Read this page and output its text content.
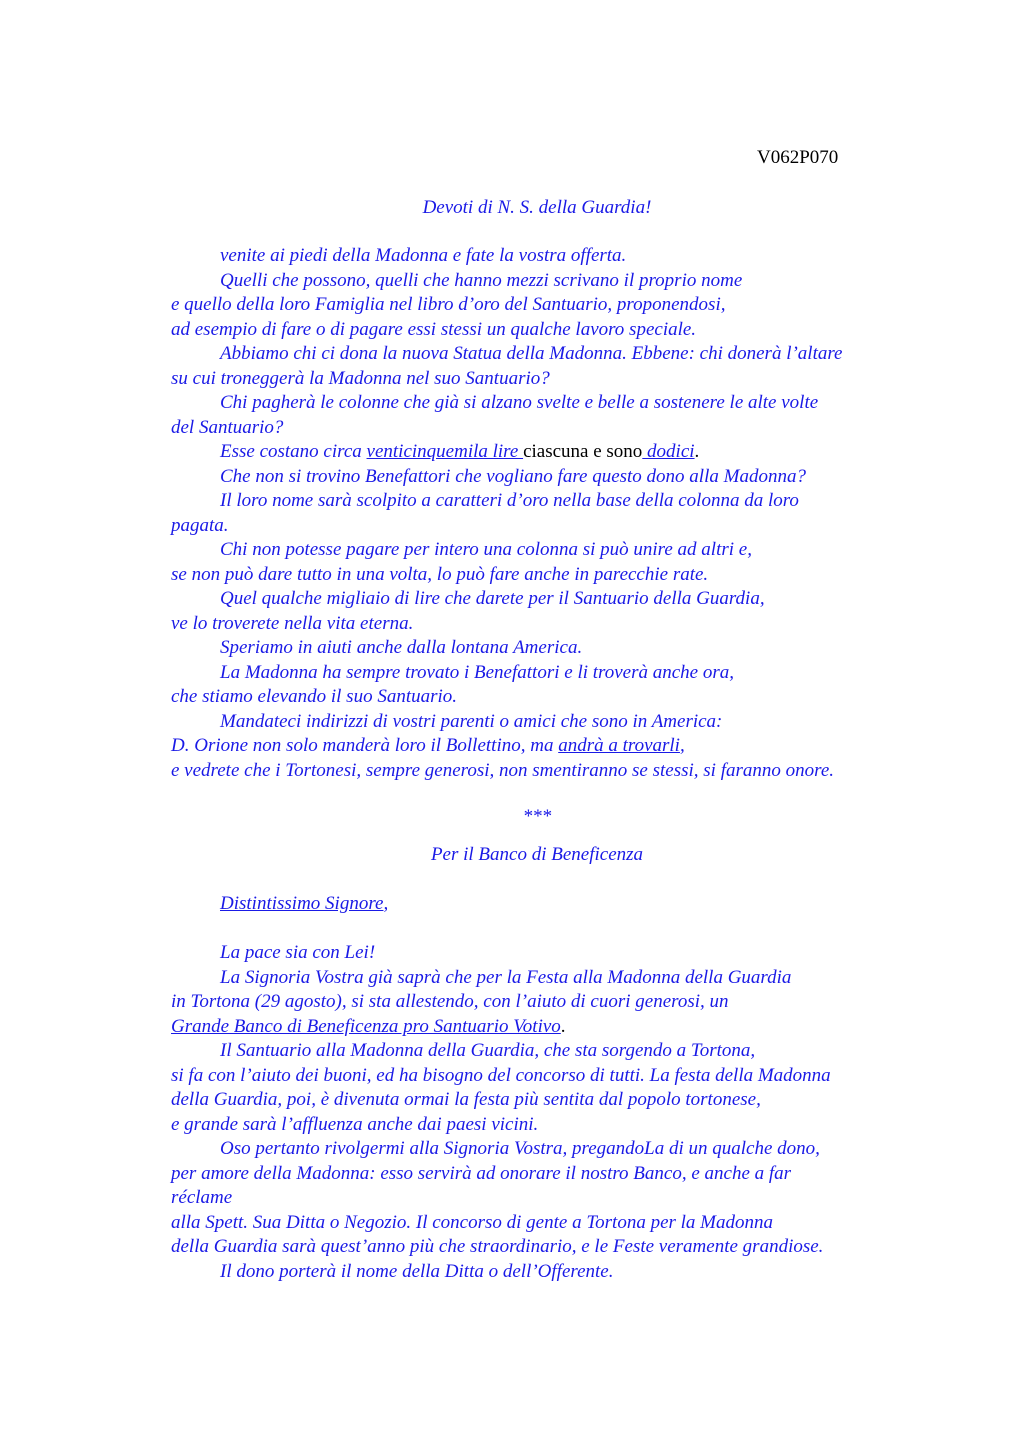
V062P070
Devoti di N. S. della Guardia!
venite ai piedi della Madonna e fate la vostra offerta.
Quelli che possono, quelli che hanno mezzi scrivano il proprio nome
e quello della loro Famiglia nel libro d’oro del Santuario, proponendosi,
ad esempio di fare o di pagare essi stessi un qualche lavoro speciale.
Abbiamo chi ci dona la nuova Statua della Madonna. Ebbene: chi donerà l’altare
su cui troneggerà la Madonna nel suo Santuario?
Chi pagherà le colonne che già si alzano svelte e belle a sostenere le alte volte
del Santuario?
Esse costano circa venticinquemila lire ciascuna e sono dodici.
Che non si trovino Benefattori che vogliano fare questo dono alla Madonna?
Il loro nome sarà scolpito a caratteri d’oro nella base della colonna da loro
pagata.
Chi non potesse pagare per intero una colonna si può unire ad altri e,
se non può dare tutto in una volta, lo può fare anche in parecchie rate.
Quel qualche migliaio di lire che darete per il Santuario della Guardia,
ve lo troverete nella vita eterna.
Speriamo in aiuti anche dalla lontana America.
La Madonna ha sempre trovato i Benefattori e li troverà anche ora,
che stiamo elevando il suo Santuario.
Mandateci indirizzi di vostri parenti o amici che sono in America:
D. Orione non solo manderà loro il Bollettino, ma andrà a trovarli,
e vedrete che i Tortonesi, sempre generosi, non smentiranno se stessi, si faranno onore.
***
Per il Banco di Beneficenza
Distintissimo Signore,
La pace sia con Lei!
La Signoria Vostra già saprà che per la Festa alla Madonna della Guardia
in Tortona (29 agosto), si sta allestendo, con l’aiuto di cuori generosi, un
Grande Banco di Beneficenza pro Santuario Votivo.
Il Santuario alla Madonna della Guardia, che sta sorgendo a Tortona,
si fa con l’aiuto dei buoni, ed ha bisogno del concorso di tutti. La festa della Madonna
della Guardia, poi, è divenuta ormai la festa più sentita dal popolo tortonese,
e grande sarà l’affluenza anche dai paesi vicini.
Oso pertanto rivolgermi alla Signoria Vostra, pregandoLa di un qualche dono,
per amore della Madonna: esso servirà ad onorare il nostro Banco, e anche a far
réclame
alla Spett. Sua Ditta o Negozio. Il concorso di gente a Tortona per la Madonna
della Guardia sarà quest’anno più che straordinario, e le Feste veramente grandiose.
Il dono porterà il nome della Ditta o dell’Offerente.
